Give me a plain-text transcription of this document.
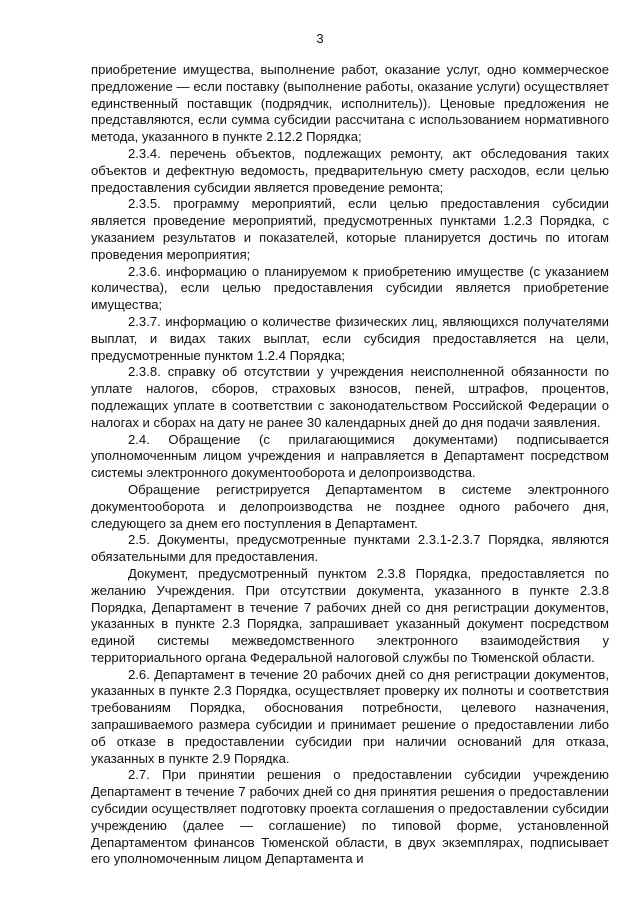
3

приобретение имущества, выполнение работ, оказание услуг, одно коммерческое предложение — если поставку (выполнение работы, оказание услуги) осуществляет единственный поставщик (подрядчик, исполнитель)). Ценовые предложения не представляются, если сумма субсидии рассчитана с использованием нормативного метода, указанного в пункте 2.12.2 Порядка;

2.3.4. перечень объектов, подлежащих ремонту, акт обследования таких объектов и дефектную ведомость, предварительную смету расходов, если целью предоставления субсидии является проведение ремонта;

2.3.5. программу мероприятий, если целью предоставления субсидии является проведение мероприятий, предусмотренных пунктами 1.2.3 Порядка, с указанием результатов и показателей, которые планируется достичь по итогам проведения мероприятия;

2.3.6. информацию о планируемом к приобретению имуществе (с указанием количества), если целью предоставления субсидии является приобретение имущества;

2.3.7. информацию о количестве физических лиц, являющихся получателями выплат, и видах таких выплат, если субсидия предоставляется на цели, предусмотренные пунктом 1.2.4 Порядка;

2.3.8. справку об отсутствии у учреждения неисполненной обязанности по уплате налогов, сборов, страховых взносов, пеней, штрафов, процентов, подлежащих уплате в соответствии с законодательством Российской Федерации о налогах и сборах на дату не ранее 30 календарных дней до дня подачи заявления.

2.4. Обращение (с прилагающимися документами) подписывается уполномоченным лицом учреждения и направляется в Департамент посредством системы электронного документооборота и делопроизводства.

Обращение регистрируется Департаментом в системе электронного документооборота и делопроизводства не позднее одного рабочего дня, следующего за днем его поступления в Департамент.

2.5. Документы, предусмотренные пунктами 2.3.1-2.3.7 Порядка, являются обязательными для предоставления.

Документ, предусмотренный пунктом 2.3.8 Порядка, предоставляется по желанию Учреждения. При отсутствии документа, указанного в пункте 2.3.8 Порядка, Департамент в течение 7 рабочих дней со дня регистрации документов, указанных в пункте 2.3 Порядка, запрашивает указанный документ посредством единой системы межведомственного электронного взаимодействия у территориального органа Федеральной налоговой службы по Тюменской области.

2.6. Департамент в течение 20 рабочих дней со дня регистрации документов, указанных в пункте 2.3 Порядка, осуществляет проверку их полноты и соответствия требованиям Порядка, обоснования потребности, целевого назначения, запрашиваемого размера субсидии и принимает решение о предоставлении либо об отказе в предоставлении субсидии при наличии оснований для отказа, указанных в пункте 2.9 Порядка.

2.7. При принятии решения о предоставлении субсидии учреждению Департамент в течение 7 рабочих дней со дня принятия решения о предоставлении субсидии осуществляет подготовку проекта соглашения о предоставлении субсидии учреждению (далее — соглашение) по типовой форме, установленной Департаментом финансов Тюменской области, в двух экземплярах, подписывает его уполномоченным лицом Департамента и
